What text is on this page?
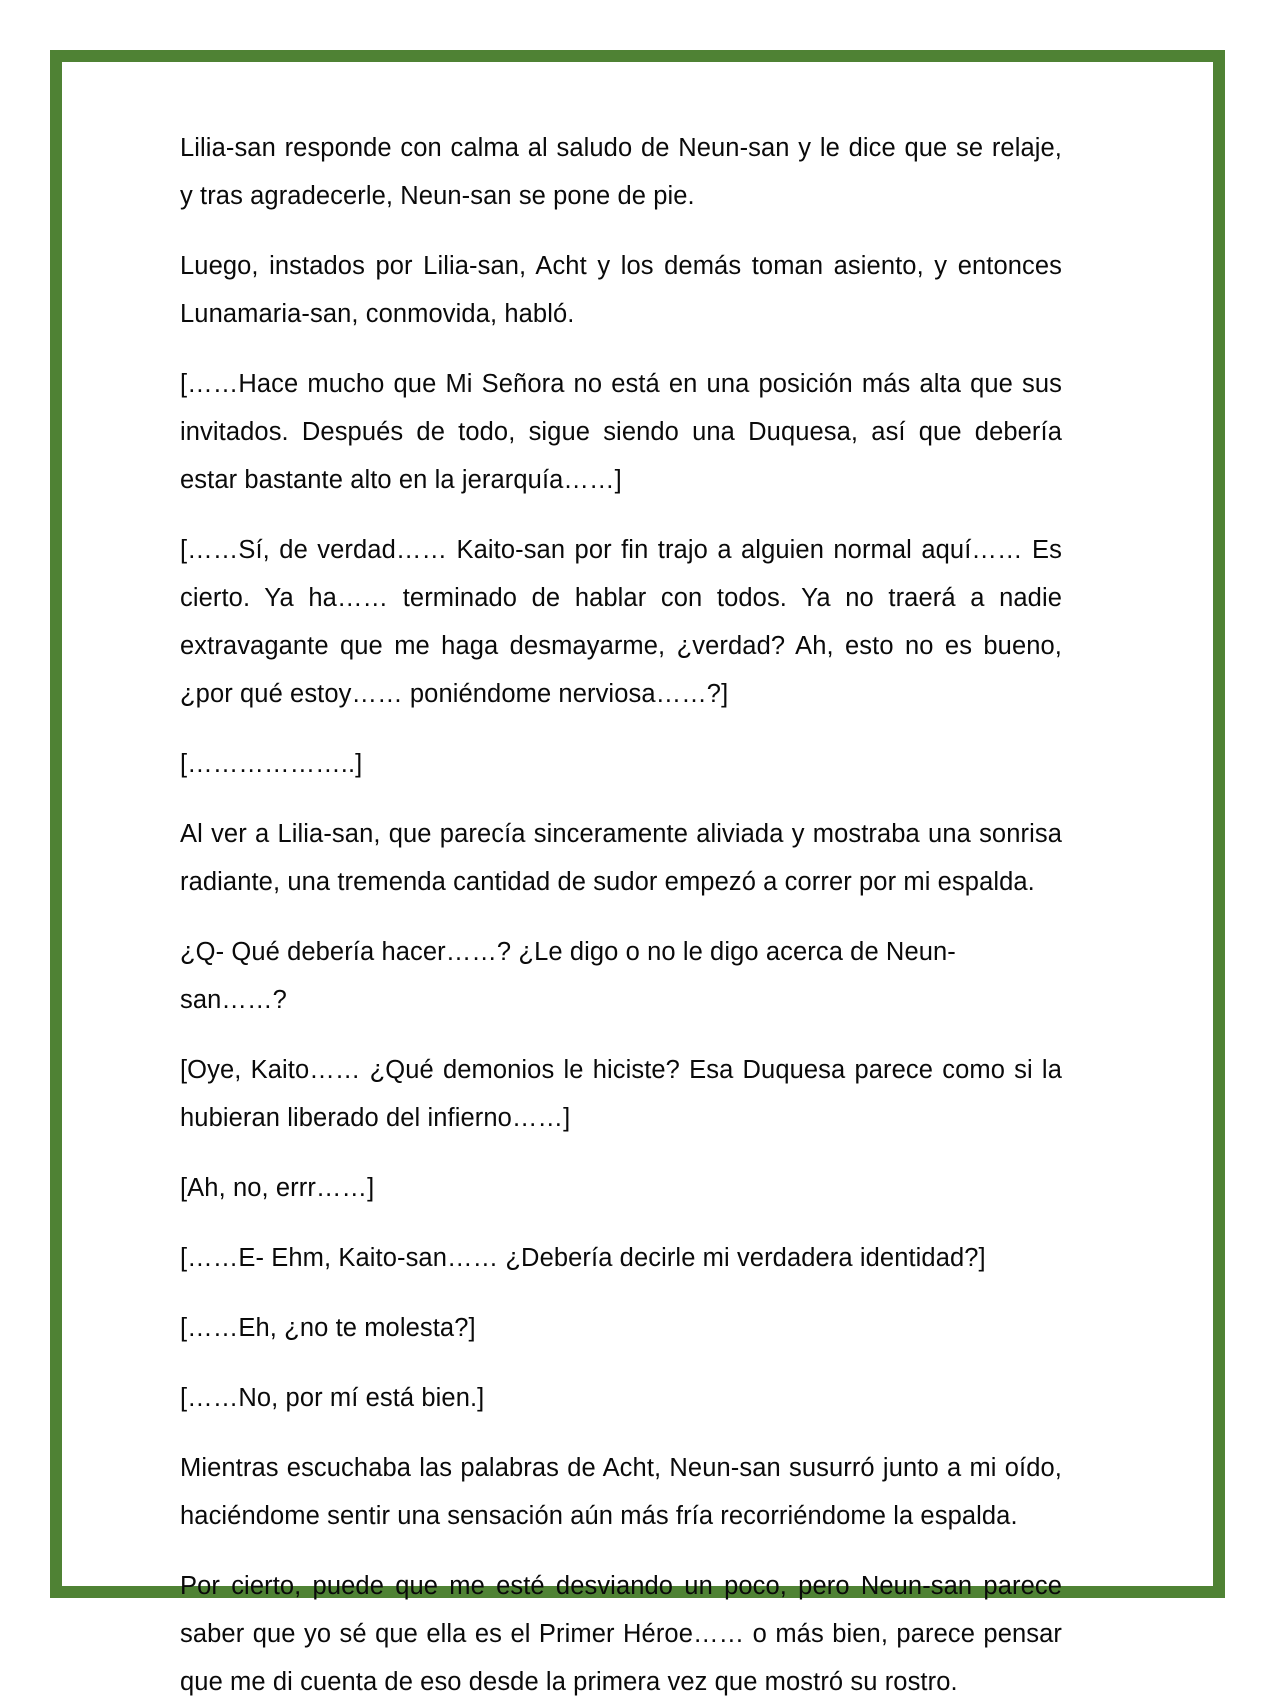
Lilia-san responde con calma al saludo de Neun-san y le dice que se relaje, y tras agradecerle, Neun-san se pone de pie.

Luego, instados por Lilia-san, Acht y los demás toman asiento, y entonces Lunamaria-san, conmovida, habló.

[……Hace mucho que Mi Señora no está en una posición más alta que sus invitados. Después de todo, sigue siendo una Duquesa, así que debería estar bastante alto en la jerarquía……]

[……Sí, de verdad…… Kaito-san por fin trajo a alguien normal aquí…… Es cierto. Ya ha…… terminado de hablar con todos. Ya no traerá a nadie extravagante que me haga desmayarme, ¿verdad? Ah, esto no es bueno, ¿por qué estoy…… poniéndome nerviosa……?]

[………………..]

Al ver a Lilia-san, que parecía sinceramente aliviada y mostraba una sonrisa radiante, una tremenda cantidad de sudor empezó a correr por mi espalda.

¿Q- Qué debería hacer……? ¿Le digo o no le digo acerca de Neun-san……?

[Oye, Kaito…… ¿Qué demonios le hiciste? Esa Duquesa parece como si la hubieran liberado del infierno……]

[Ah, no, errr……]

[……E- Ehm, Kaito-san…… ¿Debería decirle mi verdadera identidad?]

[……Eh, ¿no te molesta?]

[……No, por mí está bien.]

Mientras escuchaba las palabras de Acht, Neun-san susurró junto a mi oído, haciéndome sentir una sensación aún más fría recorriéndome la espalda.

Por cierto, puede que me esté desviando un poco, pero Neun-san parece saber que yo sé que ella es el Primer Héroe…… o más bien, parece pensar que me di cuenta de eso desde la primera vez que mostró su rostro.
